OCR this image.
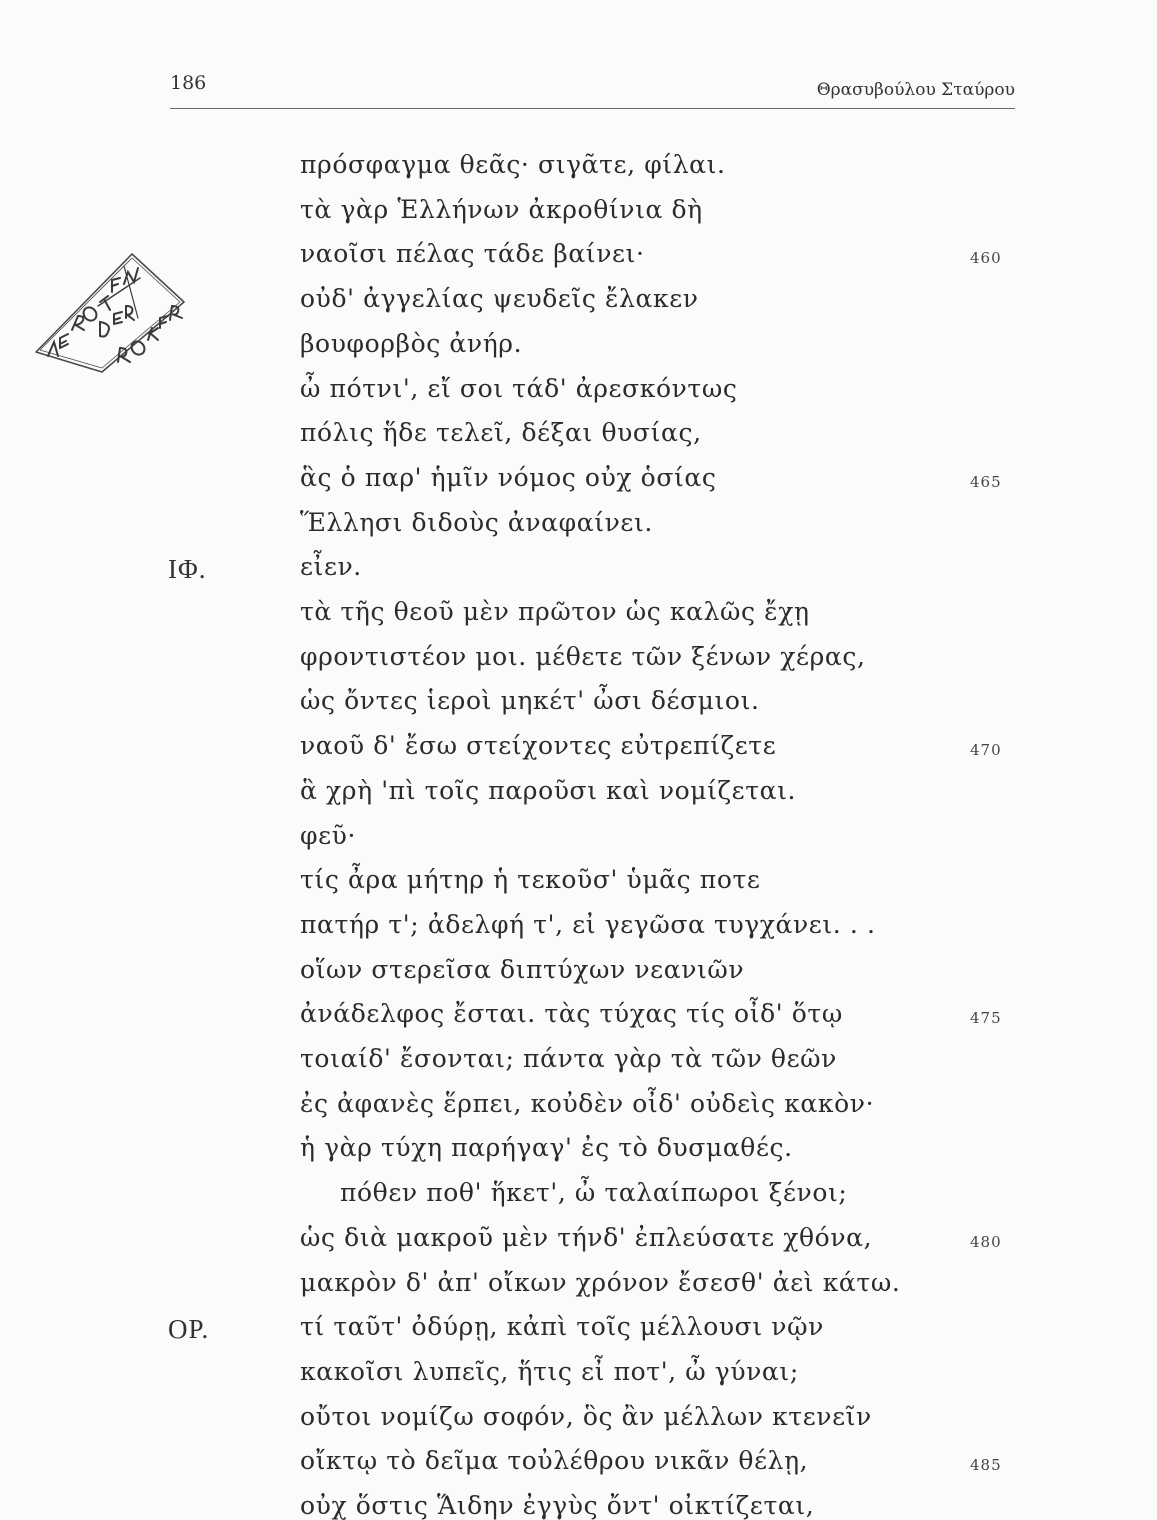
186	Θρασυβούλου Σταύρου
πρόσφαγμα θεᾶς· σιγᾶτε, φίλαι.
τὰ γὰρ Ἑλλήνων ἀκροθίνια δὴ
ναοῖσι πέλας τάδε βαίνει·	460
οὐδ' ἀγγελίας ψευδεῖς ἔλακεν
βουφορβὸς ἀνήρ.
ὦ πότνι', εἴ σοι τάδ' ἀρεσκόντως
πόλις ἥδε τελεῖ, δέξαι θυσίας,
ἃς ὁ παρ' ἡμῖν νόμος οὐχ ὁσίας	465
Ἕλλησι διδοὺς ἀναφαίνει.
ΙΦ.	εἶεν.
τὰ τῆς θεοῦ μὲν πρῶτον ὡς καλῶς ἔχῃ
φροντιστέον μοι. μέθετε τῶν ξένων χέρας,
ὡς ὄντες ἱεροὶ μηκέτ' ὦσι δέσμιοι.
ναοῦ δ' ἔσω στείχοντες εὐτρεπίζετε	470
ἃ χρὴ 'πὶ τοῖς παροῦσι καὶ νομίζεται.
φεῦ·
τίς ἆρα μήτηρ ἡ τεκοῦσ' ὑμᾶς ποτε
πατήρ τ'; ἀδελφή τ', εἰ γεγῶσα τυγχάνει. . .
οἵων στερεῖσα διπτύχων νεανιῶν
ἀνάδελφος ἔσται. τὰς τύχας τίς οἶδ' ὅτῳ	475
τοιαίδ' ἔσονται; πάντα γὰρ τὰ τῶν θεῶν
ἐς ἀφανὲς ἕρπει, κοὐδὲν οἶδ' οὐδεὶς κακὸν·
ἡ γὰρ τύχη παρήγαγ' ἐς τὸ δυσμαθές.
πόθεν ποθ' ἥκετ', ὦ ταλαίπωροι ξένοι;
ὡς διὰ μακροῦ μὲν τήνδ' ἐπλεύσατε χθόνα,	480
μακρὸν δ' ἀπ' οἴκων χρόνον ἔσεσθ' ἀεὶ κάτω.
ΟΡ.	τί ταῦτ' ὀδύρῃ, κἀπὶ τοῖς μέλλουσι νῷν
κακοῖσι λυπεῖς, ἥτις εἶ ποτ', ὦ γύναι;
οὔτοι νομίζω σοφόν, ὃς ἂν μέλλων κτενεῖν
οἴκτῳ τὸ δεῖμα τοὐλέθρου νικᾶν θέλῃ,	485
οὐχ ὅστις Ἅιδην ἐγγὺς ὄντ' οἰκτίζεται,
